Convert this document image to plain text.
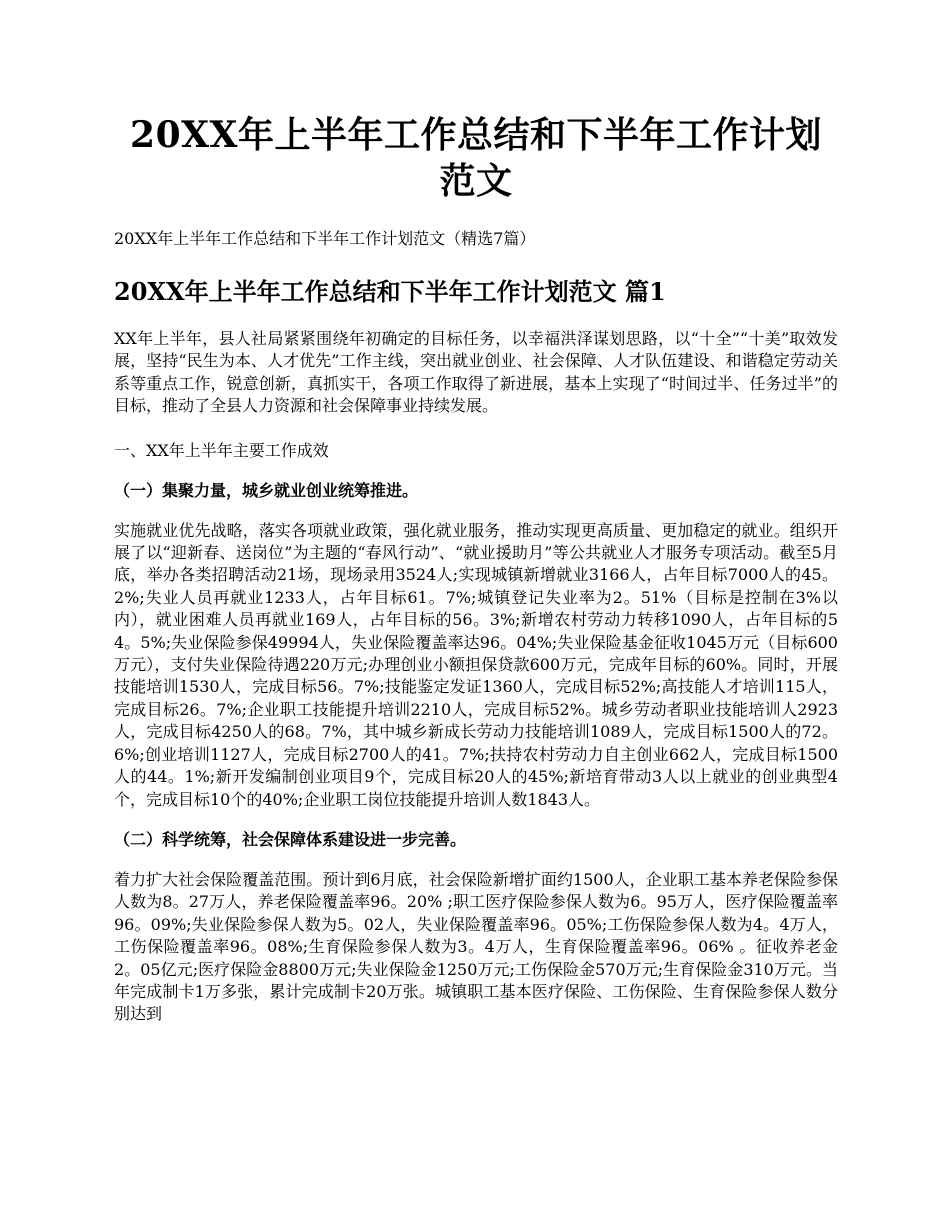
20XX年上半年工作总结和下半年工作计划范文

20XX年上半年工作总结和下半年工作计划范文（精选7篇）

20XX年上半年工作总结和下半年工作计划范文 篇1

XX年上半年，县人社局紧紧围绕年初确定的目标任务，以幸福洪泽谋划思路，以“十全”“十美”取效发展，坚持“民生为本、人才优先”工作主线，突出就业创业、社会保障、人才队伍建设、和谐稳定劳动关系等重点工作，锐意创新，真抓实干，各项工作取得了新进展，基本上实现了“时间过半、任务过半”的目标，推动了全县人力资源和社会保障事业持续发展。

一、XX年上半年主要工作成效

（一）集聚力量，城乡就业创业统筹推进。

实施就业优先战略，落实各项就业政策，强化就业服务，推动实现更高质量、更加稳定的就业。组织开展了以“迎新春、送岗位”为主题的“春风行动”、“就业援助月”等公共就业人才服务专项活动。截至5月底，举办各类招聘活动21场，现场录用3524人;实现城镇新增就业3166人，占年目标7000人的45。2%;失业人员再就业1233人，占年目标61。7%;城镇登记失业率为2。51%（目标是控制在3%以内），就业困难人员再就业169人，占年目标的56。3%;新增农村劳动力转移1090人，占年目标的54。5%;失业保险参保49994人，失业保险覆盖率达96。04%;失业保险基金征收1045万元（目标600万元），支付失业保险待遇220万元;办理创业小额担保贷款600万元，完成年目标的60%。同时，开展技能培训1530人，完成目标56。7%;技能鉴定发证1360人，完成目标52%;高技能人才培训115人，完成目标26。7%;企业职工技能提升培训2210人，完成目标52%。城乡劳动者职业技能培训人2923人，完成目标4250人的68。7%，其中城乡新成长劳动力技能培训1089人，完成目标1500人的72。6%;创业培训1127人，完成目标2700人的41。7%;扶持农村劳动力自主创业662人，完成目标1500人的44。1%;新开发编制创业项目9个，完成目标20人的45%;新培育带动3人以上就业的创业典型4个，完成目标10个的40%;企业职工岗位技能提升培训人数1843人。

（二）科学统筹，社会保障体系建设进一步完善。

着力扩大社会保险覆盖范围。预计到6月底，社会保险新增扩面约1500人，企业职工基本养老保险参保人数为8。27万人，养老保险覆盖率96。20% ;职工医疗保险参保人数为6。95万人，医疗保险覆盖率96。09%;失业保险参保人数为5。02人，失业保险覆盖率96。05%;工伤保险参保人数为4。4万人，工伤保险覆盖率96。08%;生育保险参保人数为3。4万人，生育保险覆盖率96。06% 。征收养老金2。05亿元;医疗保险金8800万元;失业保险金1250万元;工伤保险金570万元;生育保险金310万元。当年完成制卡1万多张，累计完成制卡20万张。城镇职工基本医疗保险、工伤保险、生育保险参保人数分别达到
